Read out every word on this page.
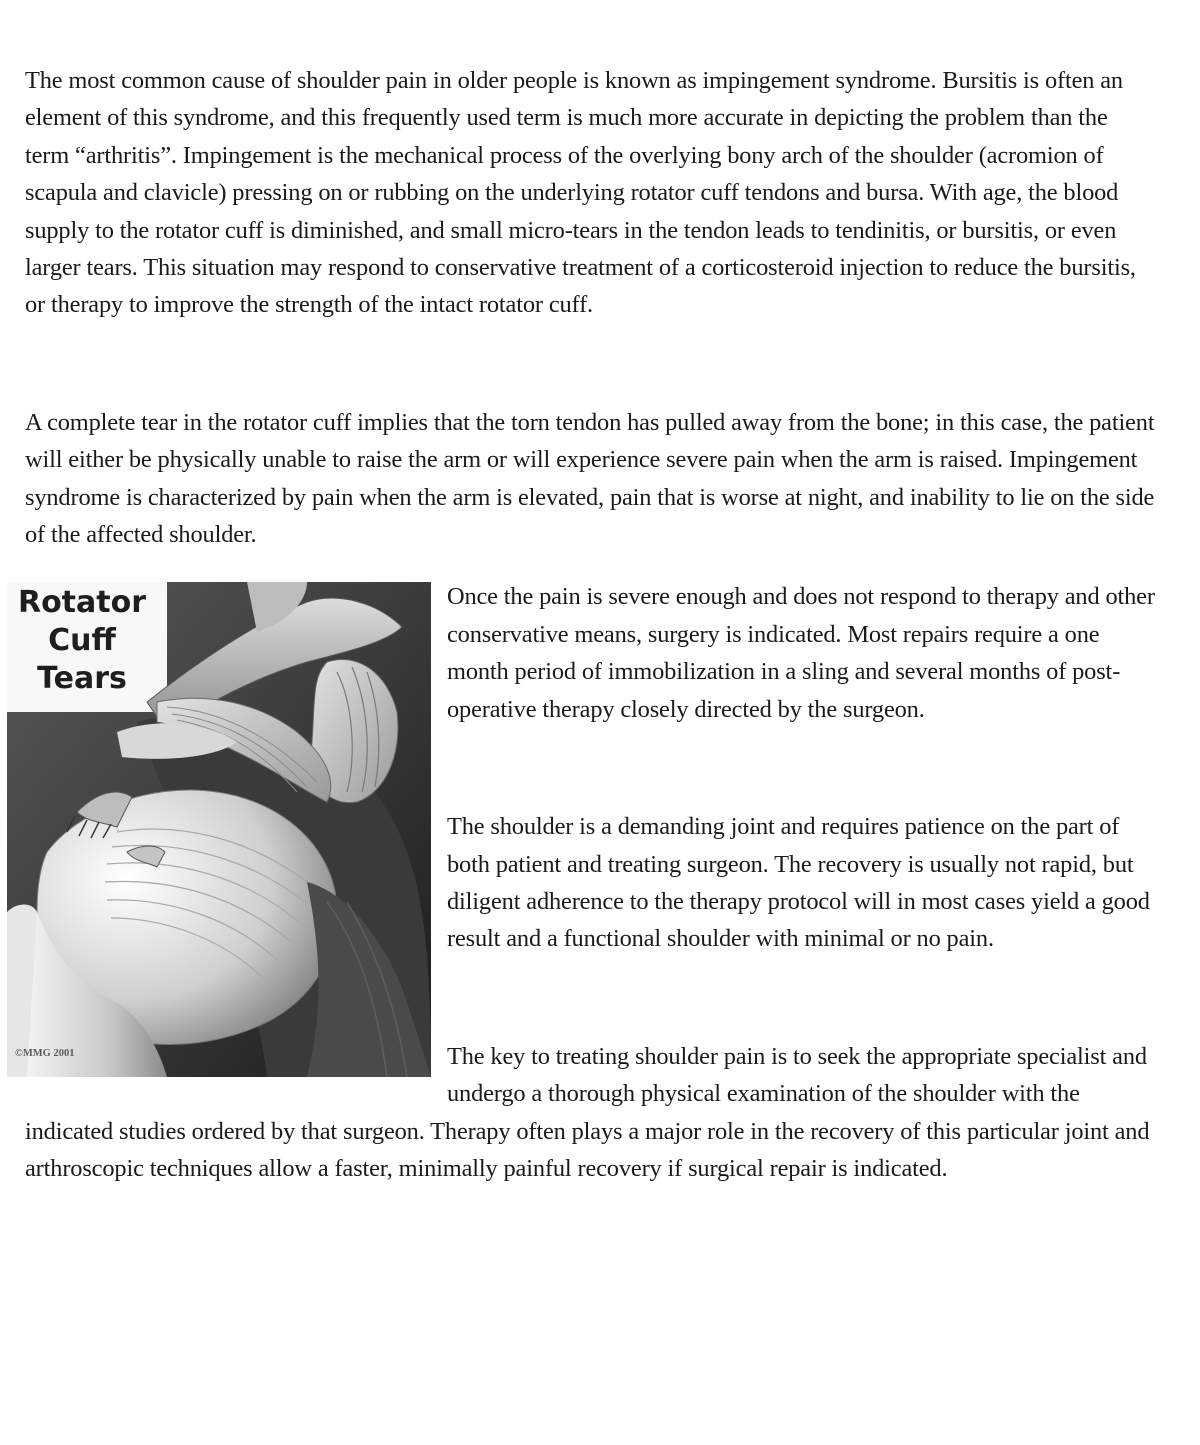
The most common cause of shoulder pain in older people is known as impingement syndrome. Bursitis is often an element of this syndrome, and this frequently used term is much more accurate in depicting the problem than the term “arthritis”. Impingement is the mechanical process of the overlying bony arch of the shoulder (acromion of scapula and clavicle) pressing on or rubbing on the underlying rotator cuff tendons and bursa. With age, the blood supply to the rotator cuff is diminished, and small micro-tears in the tendon leads to tendinitis, or bursitis, or even larger tears. This situation may respond to conservative treatment of a corticosteroid injection to reduce the bursitis, or therapy to improve the strength of the intact rotator cuff.

A complete tear in the rotator cuff implies that the torn tendon has pulled away from the bone; in this case, the patient will either be physically unable to raise the arm or will experience severe pain when the arm is raised. Impingement syndrome is characterized by pain when the arm is elevated, pain that is worse at night, and inability to lie on the side of the affected shoulder.

Rotator
Cuff
Tears
©MMG 2001

Once the pain is severe enough and does not respond to therapy and other conservative means, surgery is indicated. Most repairs require a one month period of immobilization in a sling and several months of post-operative therapy closely directed by the surgeon.

The shoulder is a demanding joint and requires patience on the part of both patient and treating surgeon. The recovery is usually not rapid, but diligent adherence to the therapy protocol will in most cases yield a good result and a functional shoulder with minimal or no pain.

The key to treating shoulder pain is to seek the appropriate specialist and undergo a thorough physical examination of the shoulder with the indicated studies ordered by that surgeon. Therapy often plays a major role in the recovery of this particular joint and arthroscopic techniques allow a faster, minimally painful recovery if surgical repair is indicated.
